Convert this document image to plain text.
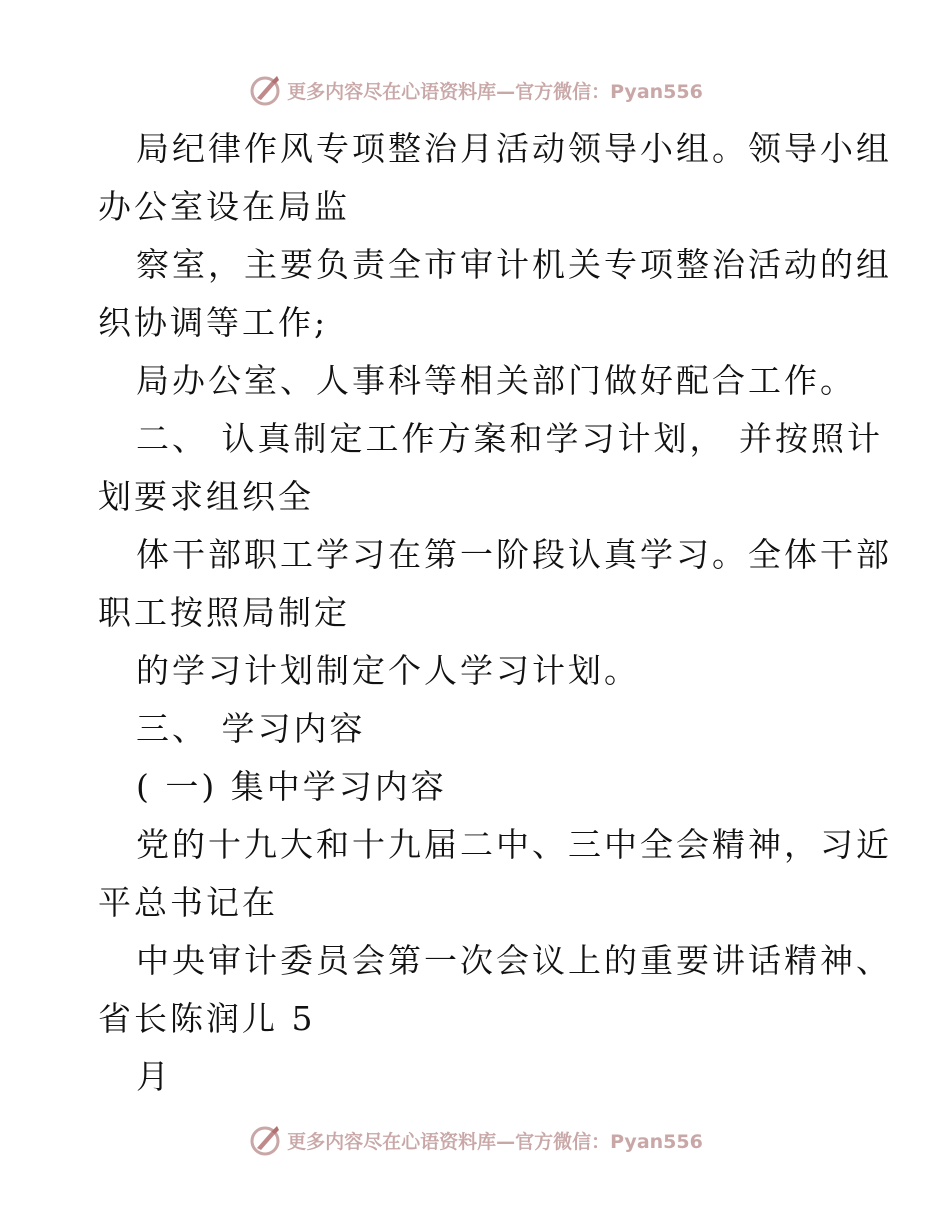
更多内容尽在心语资料库—官方微信：Pyan556
局纪律作风专项整治月活动领导小组。领导小组
办公室设在局监
察室，主要负责全市审计机关专项整治活动的组
织协调等工作;
局办公室、人事科等相关部门做好配合工作。
二、 认真制定工作方案和学习计划， 并按照计
划要求组织全
体干部职工学习在第一阶段认真学习。全体干部
职工按照局制定
的学习计划制定个人学习计划。
三、 学习内容
( 一) 集中学习内容
党的十九大和十九届二中、三中全会精神，习近
平总书记在
中央审计委员会第一次会议上的重要讲话精神、
省长陈润儿 5
月
更多内容尽在心语资料库—官方微信：Pyan556
